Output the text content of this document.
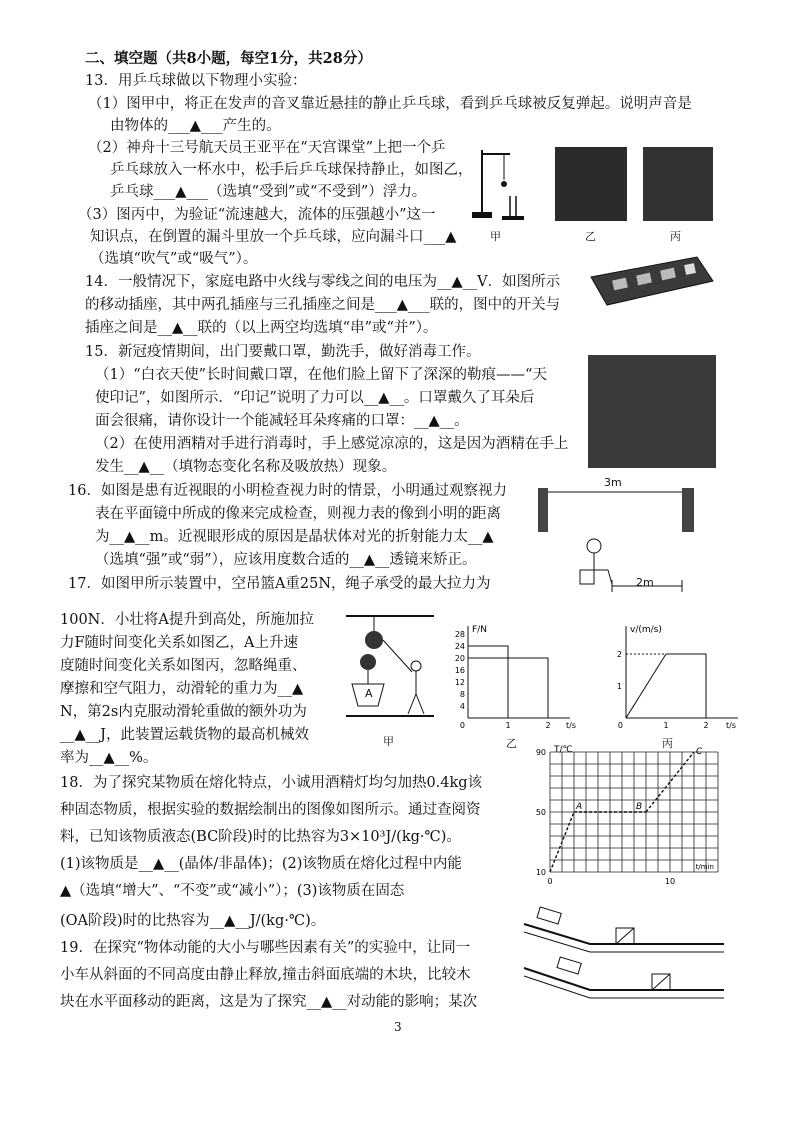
二、填空题（共8小题，每空1分，共28分）
13．用乒乓球做以下物理小实验：
（1）图甲中，将正在发声的音叉靠近悬挂的静止乒乓球，看到乒乓球被反复弹起。说明声音是
由物体的___▲___产生的。
（2）神舟十三号航天员王亚平在“天宫课堂”上把一个乒
乒乓球放入一杯水中，松手后乒乓球保持静止，如图乙，
乒乓球___▲___（选填“受到”或“不受到”）浮力。
（3）图丙中，为验证“流速越大，流体的压强越小”这一
知识点，在倒置的漏斗里放一个乒乓球，应向漏斗口___▲
（选填“吹气”或“吸气”）。
14．一般情况下，家庭电路中火线与零线之间的电压为__▲__V．如图所示
的移动插座，其中两孔插座与三孔插座之间是___▲___联的，图中的开关与
插座之间是__▲__联的（以上两空均选填“串”或“并”）。
15．新冠疫情期间，出门要戴口罩，勤洗手，做好消毒工作。
（1）“白衣天使”长时间戴口罩，在他们脸上留下了深深的勒痕——“天
使印记”，如图所示．“印记”说明了力可以__▲__。口罩戴久了耳朵后
面会很痛，请你设计一个能减轻耳朵疼痛的口罩：__▲__。
（2）在使用酒精对手进行消毒时，手上感觉凉凉的，这是因为酒精在手上
发生__▲__（填物态变化名称及吸放热）现象。
16．如图是患有近视眼的小明检查视力时的情景，小明通过观察视力
表在平面镜中所成的像来完成检查，则视力表的像到小明的距离
为__▲__m。近视眼形成的原因是晶状体对光的折射能力太__▲
（选填“强”或“弱”），应该用度数合适的__▲__透镜来矫正。
17．如图甲所示装置中，空吊篮A重25N，绳子承受的最大拉力为
100N．小壮将A提升到高处，所施加拉
力F随时间变化关系如图乙，A上升速
度随时间变化关系如图丙，忽略绳重、
摩擦和空气阻力，动滑轮的重力为__▲
N，第2s内克服动滑轮重做的额外功为
__▲__J，此装置运载货物的最高机械效
率为__▲__%。
18．为了探究某物质在熔化特点，小诚用酒精灯均匀加热0.4kg该
种固态物质，根据实验的数据绘制出的图像如图所示。通过查阅资
料，已知该物质液态(BC阶段)时的比热容为3×10³J/(kg·℃)。
(1)该物质是__▲__(晶体/非晶体)；(2)该物质在熔化过程中内能
▲（选填“增大”、“不变”或“减小”）；(3)该物质在固态
(OA阶段)时的比热容为__▲__J/(kg·℃)。
19．在探究“物体动能的大小与哪些因素有关”的实验中，让同一
小车从斜面的不同高度由静止释放,撞击斜面底端的木块，比较木
块在水平面移动的距离，这是为了探究__▲__对动能的影响；某次
甲	乙	丙
3m
2m
A
甲
F/N
28
24
20
16
12
8
4
0	1	2 t/s
乙
v/(m/s)
2
1
0	1	2 t/s
丙
T/℃
90
50
10
0	10
t/min
A	B
C
3
